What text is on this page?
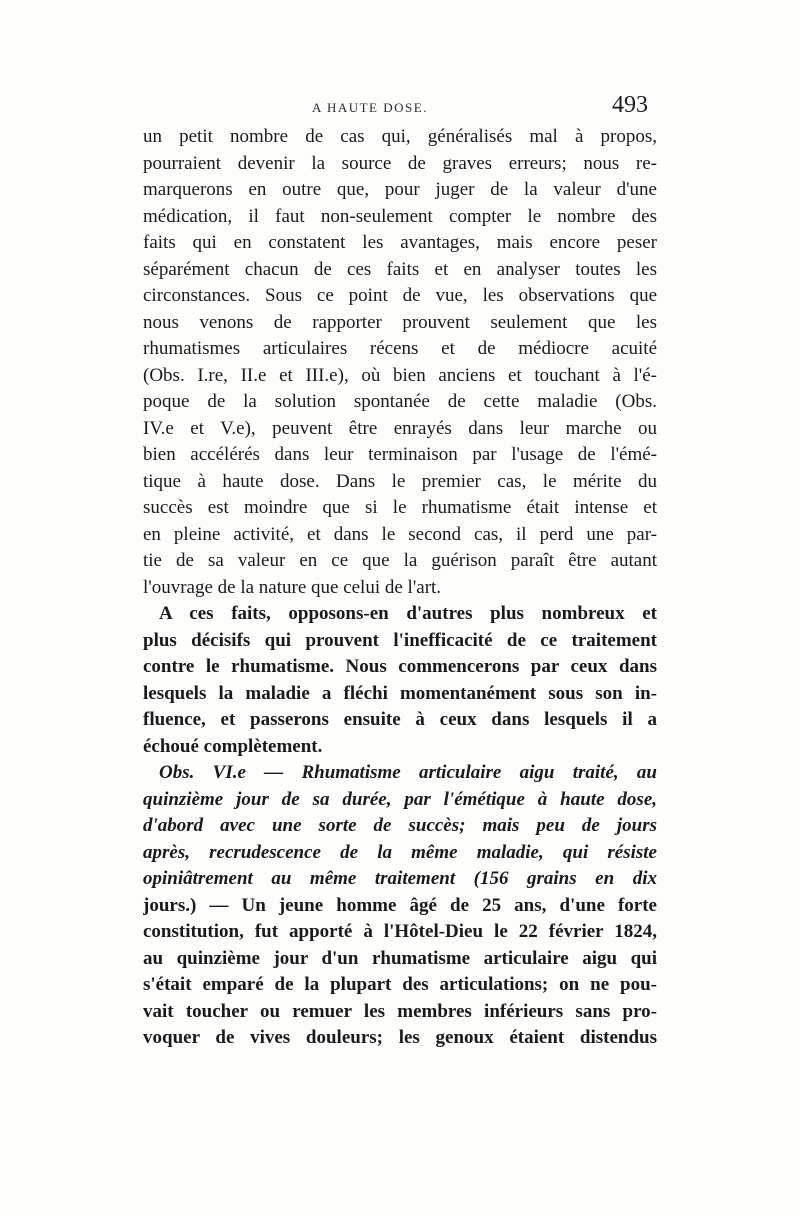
A HAUTE DOSE.	493
un petit nombre de cas qui, généralisés mal à propos,
pourraient devenir la source de graves erreurs; nous re-
marquerons en outre que, pour juger de la valeur d'une
médication, il faut non-seulement compter le nombre des
faits qui en constatent les avantages, mais encore peser
séparément chacun de ces faits et en analyser toutes les
circonstances. Sous ce point de vue, les observations que
nous venons de rapporter prouvent seulement que les
rhumatismes articulaires récens et de médiocre acuité
(Obs. I.re, II.e et III.e), où bien anciens et touchant à l'é-
poque de la solution spontanée de cette maladie (Obs.
IV.e et V.e), peuvent être enrayés dans leur marche ou
bien accélérés dans leur terminaison par l'usage de l'émé-
tique à haute dose. Dans le premier cas, le mérite du
succès est moindre que si le rhumatisme était intense et
en pleine activité, et dans le second cas, il perd une par-
tie de sa valeur en ce que la guérison paraît être autant
l'ouvrage de la nature que celui de l'art.
A ces faits, opposons-en d'autres plus nombreux et
plus décisifs qui prouvent l'inefficacité de ce traitement
contre le rhumatisme. Nous commencerons par ceux dans
lesquels la maladie a fléchi momentanément sous son in-
fluence, et passerons ensuite à ceux dans lesquels il a
échoué complètement.
Obs. VI.e — Rhumatisme articulaire aigu traité, au
quinzième jour de sa durée, par l'émétique à haute dose,
d'abord avec une sorte de succès; mais peu de jours
après, recrudescence de la même maladie, qui résiste
opiniâtrement au même traitement (156 grains en dix
jours.) — Un jeune homme âgé de 25 ans, d'une forte
constitution, fut apporté à l'Hôtel-Dieu le 22 février 1824,
au quinzième jour d'un rhumatisme articulaire aigu qui
s'était emparé de la plupart des articulations; on ne pou-
vait toucher ou remuer les membres inférieurs sans pro-
voquer de vives douleurs; les genoux étaient distendus
